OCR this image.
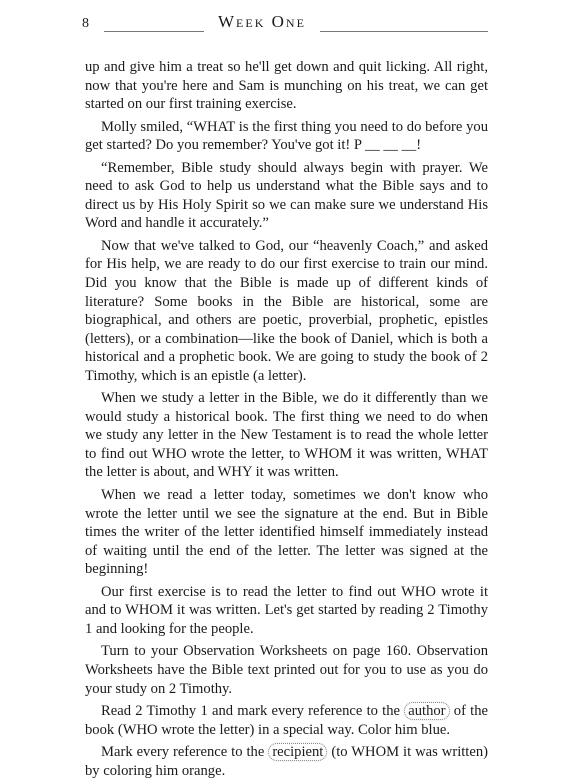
8	Week One

up and give him a treat so he'll get down and quit licking. All right, now that you're here and Sam is munching on his treat, we can get started on our first training exercise.

Molly smiled, “WHAT is the first thing you need to do before you get started? Do you remember? You've got it! P __ __ __!

“Remember, Bible study should always begin with prayer. We need to ask God to help us understand what the Bible says and to direct us by His Holy Spirit so we can make sure we understand His Word and handle it accurately.”

Now that we've talked to God, our “heavenly Coach,” and asked for His help, we are ready to do our first exercise to train our mind. Did you know that the Bible is made up of different kinds of literature? Some books in the Bible are historical, some are biographical, and others are poetic, proverbial, prophetic, epistles (letters), or a combination—like the book of Daniel, which is both a historical and a prophetic book. We are going to study the book of 2 Timothy, which is an epistle (a letter).

When we study a letter in the Bible, we do it differently than we would study a historical book. The first thing we need to do when we study any letter in the New Testament is to read the whole letter to find out WHO wrote the letter, to WHOM it was written, WHAT the letter is about, and WHY it was written.

When we read a letter today, sometimes we don't know who wrote the letter until we see the signature at the end. But in Bible times the writer of the letter identified himself immediately instead of waiting until the end of the letter. The letter was signed at the beginning!

Our first exercise is to read the letter to find out WHO wrote it and to WHOM it was written. Let's get started by reading 2 Timothy 1 and looking for the people.

Turn to your Observation Worksheets on page 160. Observation Worksheets have the Bible text printed out for you to use as you do your study on 2 Timothy.

Read 2 Timothy 1 and mark every reference to the author of the book (WHO wrote the letter) in a special way. Color him blue.

Mark every reference to the recipient (to WHOM it was written) by coloring him orange.
